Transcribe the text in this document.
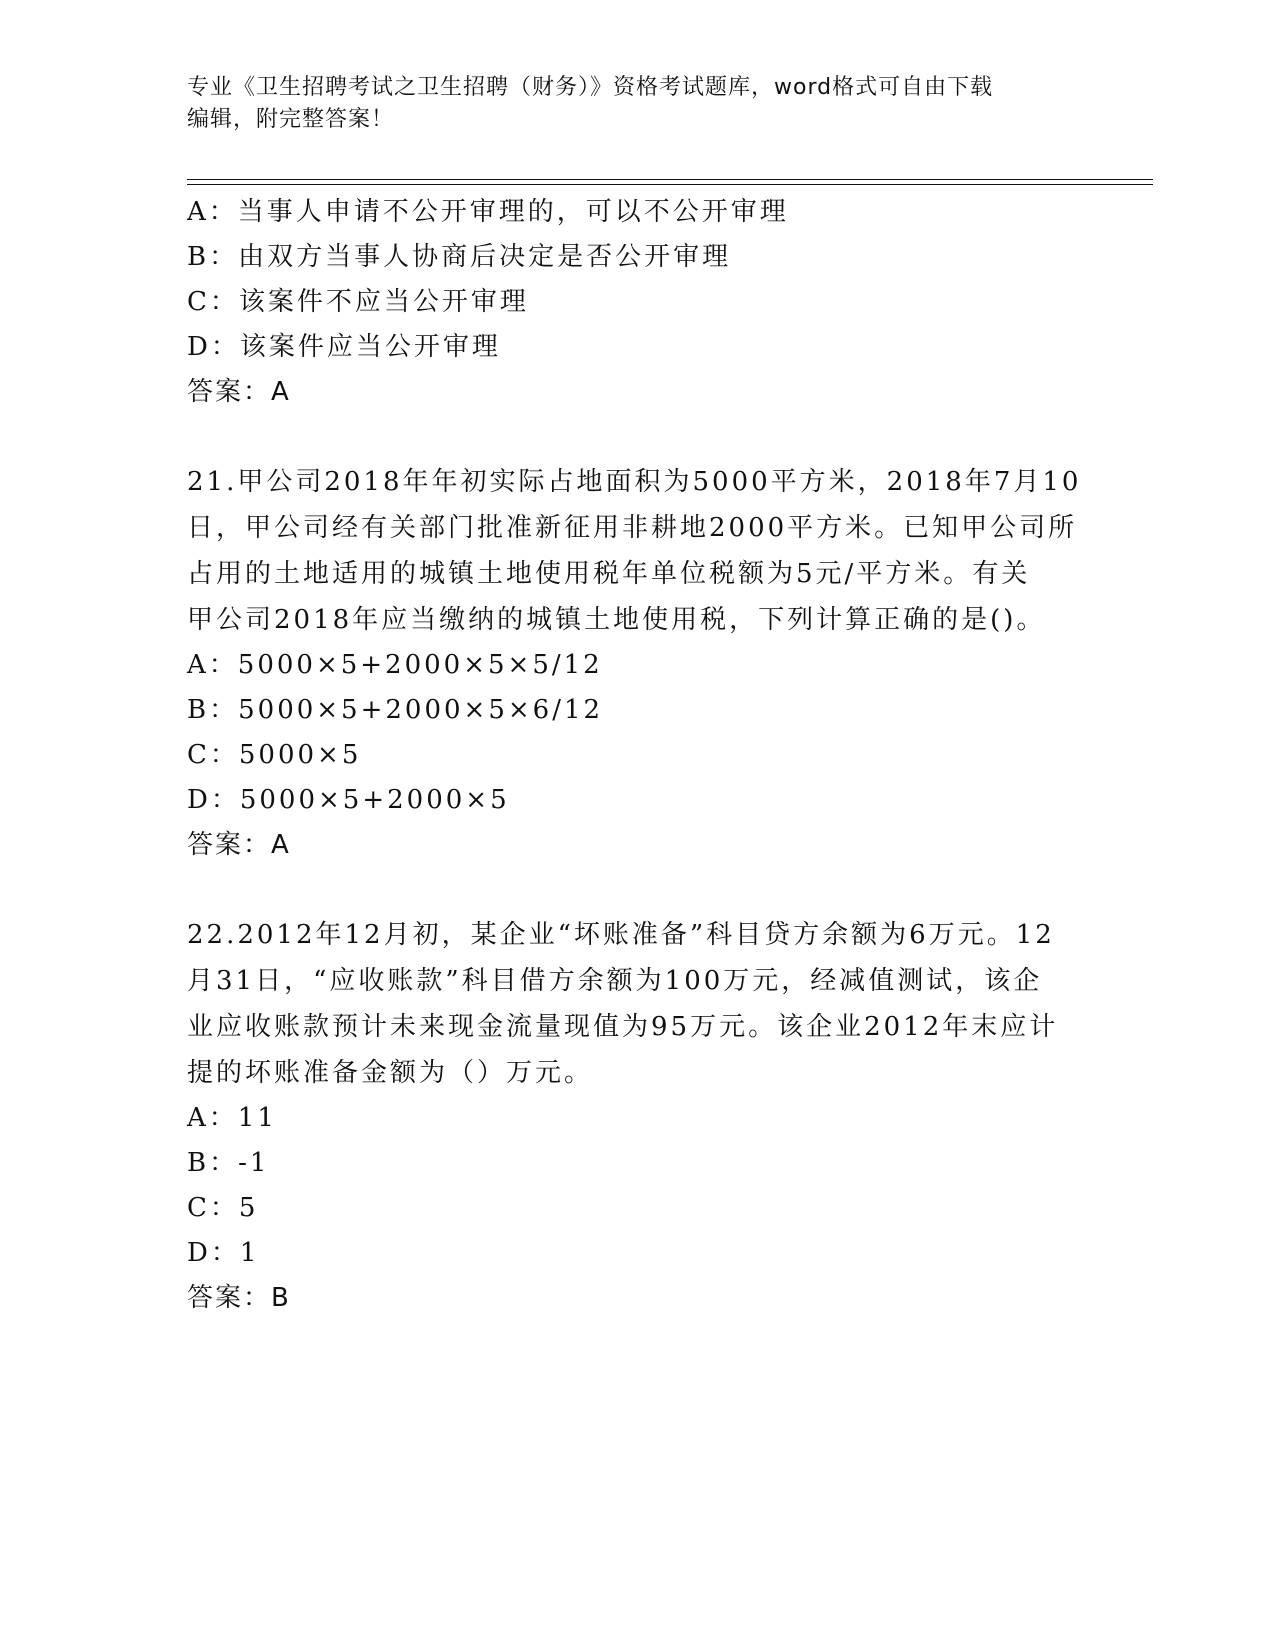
专业《卫生招聘考试之卫生招聘（财务）》资格考试题库，word格式可自由下载
编辑，附完整答案！
A：当事人申请不公开审理的，可以不公开审理
B：由双方当事人协商后决定是否公开审理
C：该案件不应当公开审理
D：该案件应当公开审理
答案：A
21.甲公司2018年年初实际占地面积为5000平方米，2018年7月10
日，甲公司经有关部门批准新征用非耕地2000平方米。已知甲公司所
占用的土地适用的城镇土地使用税年单位税额为5元/平方米。有关
甲公司2018年应当缴纳的城镇土地使用税，下列计算正确的是()。
A：5000×5+2000×5×5/12
B：5000×5+2000×5×6/12
C：5000×5
D：5000×5+2000×5
答案：A
22.2012年12月初，某企业“坏账准备”科目贷方余额为6万元。12
月31日，“应收账款”科目借方余额为100万元，经减值测试，该企
业应收账款预计未来现金流量现值为95万元。该企业2012年末应计
提的坏账准备金额为（）万元。
A：11
B：-1
C：5
D：1
答案：B
